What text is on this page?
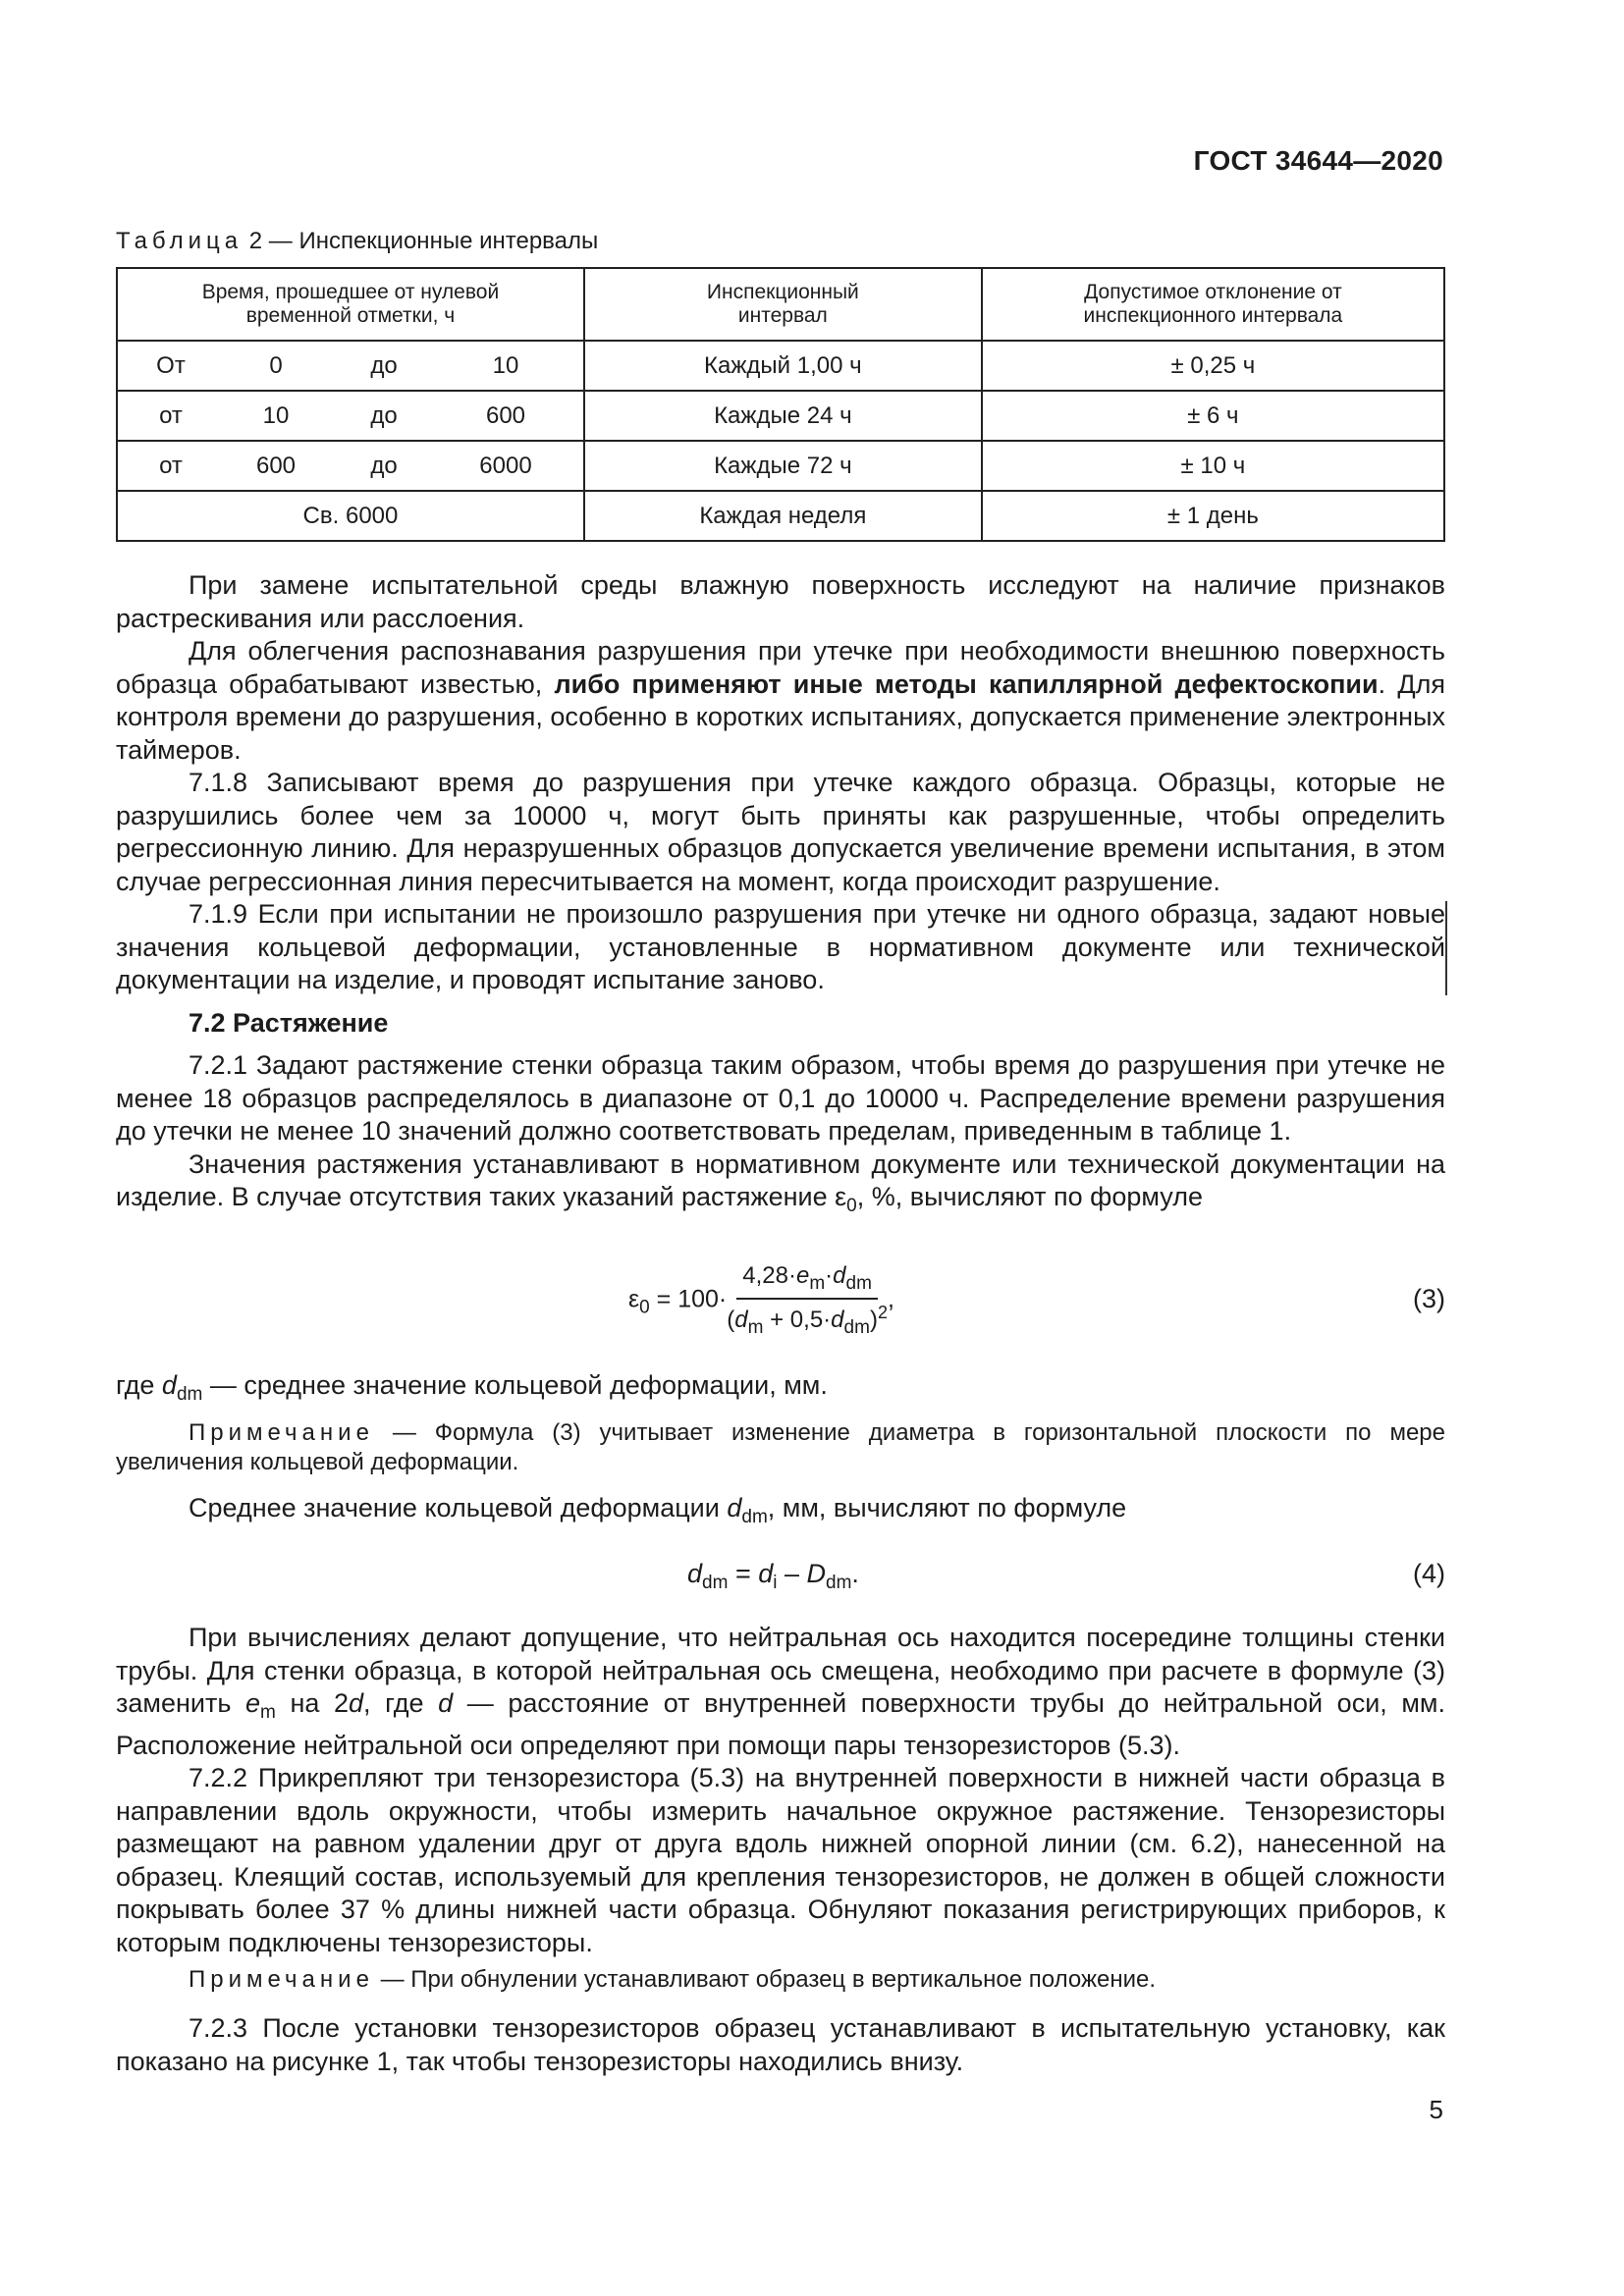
ГОСТ 34644—2020
Таблица 2 — Инспекционные интервалы
Время, прошедшее от нулевой временной отметки, ч	Инспекционный интервал	Допустимое отклонение от инспекционного интервала

От 0 до 10	Каждый 1,00 ч	± 0,25 ч

от 10 до 600	Каждые 24 ч	± 6 ч

от 600 до 6000	Каждые 72 ч	± 10 ч
Св. 6000	Каждая неделя	± 1 день

При замене испытательной среды влажную поверхность исследуют на наличие признаков растрескивания или расслоения.

Для облегчения распознавания разрушения при утечке при необходимости внешнюю поверхность образца обрабатывают известью, либо применяют иные методы капиллярной дефектоскопии. Для контроля времени до разрушения, особенно в коротких испытаниях, допускается применение электронных таймеров.

7.1.8 Записывают время до разрушения при утечке каждого образца. Образцы, которые не разрушились более чем за 10000 ч, могут быть приняты как разрушенные, чтобы определить регрессионную линию. Для неразрушенных образцов допускается увеличение времени испытания, в этом случае регрессионная линия пересчитывается на момент, когда происходит разрушение.

7.1.9 Если при испытании не произошло разрушения при утечке ни одного образца, задают новые значения кольцевой деформации, установленные в нормативном документе или технической документации на изделие, и проводят испытание заново.

7.2 Растяжение

7.2.1 Задают растяжение стенки образца таким образом, чтобы время до разрушения при утечке не менее 18 образцов распределялось в диапазоне от 0,1 до 10000 ч. Распределение времени разрушения до утечки не менее 10 значений должно соответствовать пределам, приведенным в таблице 1.

Значения растяжения устанавливают в нормативном документе или технической документации на изделие. В случае отсутствия таких указаний растяжение $\varepsilon_0$, %, вычисляют по формуле

$\varepsilon_0 = 100\cdot \frac{4,28\cdot e_m\cdot d_{dm}}{(d_m + 0,5\cdot d_{dm})^2}$ ,	(3)

где $d_{dm}$ — среднее значение кольцевой деформации, мм.

Примечание — Формула (3) учитывает изменение диаметра в горизонтальной плоскости по мере увеличения кольцевой деформации.

Среднее значение кольцевой деформации $d_{dm}$, мм, вычисляют по формуле

$d_{dm} = d_i - D_{dm}$.	(4)

При вычислениях делают допущение, что нейтральная ось находится посередине толщины стенки трубы. Для стенки образца, в которой нейтральная ось смещена, необходимо при расчете в формуле (3) заменить $e_m$ на 2d, где d — расстояние от внутренней поверхности трубы до нейтральной оси, мм. Расположение нейтральной оси определяют при помощи пары тензорезисторов (5.3).

7.2.2 Прикрепляют три тензорезистора (5.3) на внутренней поверхности в нижней части образца в направлении вдоль окружности, чтобы измерить начальное окружное растяжение. Тензорезисторы размещают на равном удалении друг от друга вдоль нижней опорной линии (см. 6.2), нанесенной на образец. Клеящий состав, используемый для крепления тензорезисторов, не должен в общей сложности покрывать более 37 % длины нижней части образца. Обнуляют показания регистрирующих приборов, к которым подключены тензорезисторы.

Примечание — При обнулении устанавливают образец в вертикальное положение.

7.2.3 После установки тензорезисторов образец устанавливают в испытательную установку, как показано на рисунке 1, так чтобы тензорезисторы находились внизу.

5
